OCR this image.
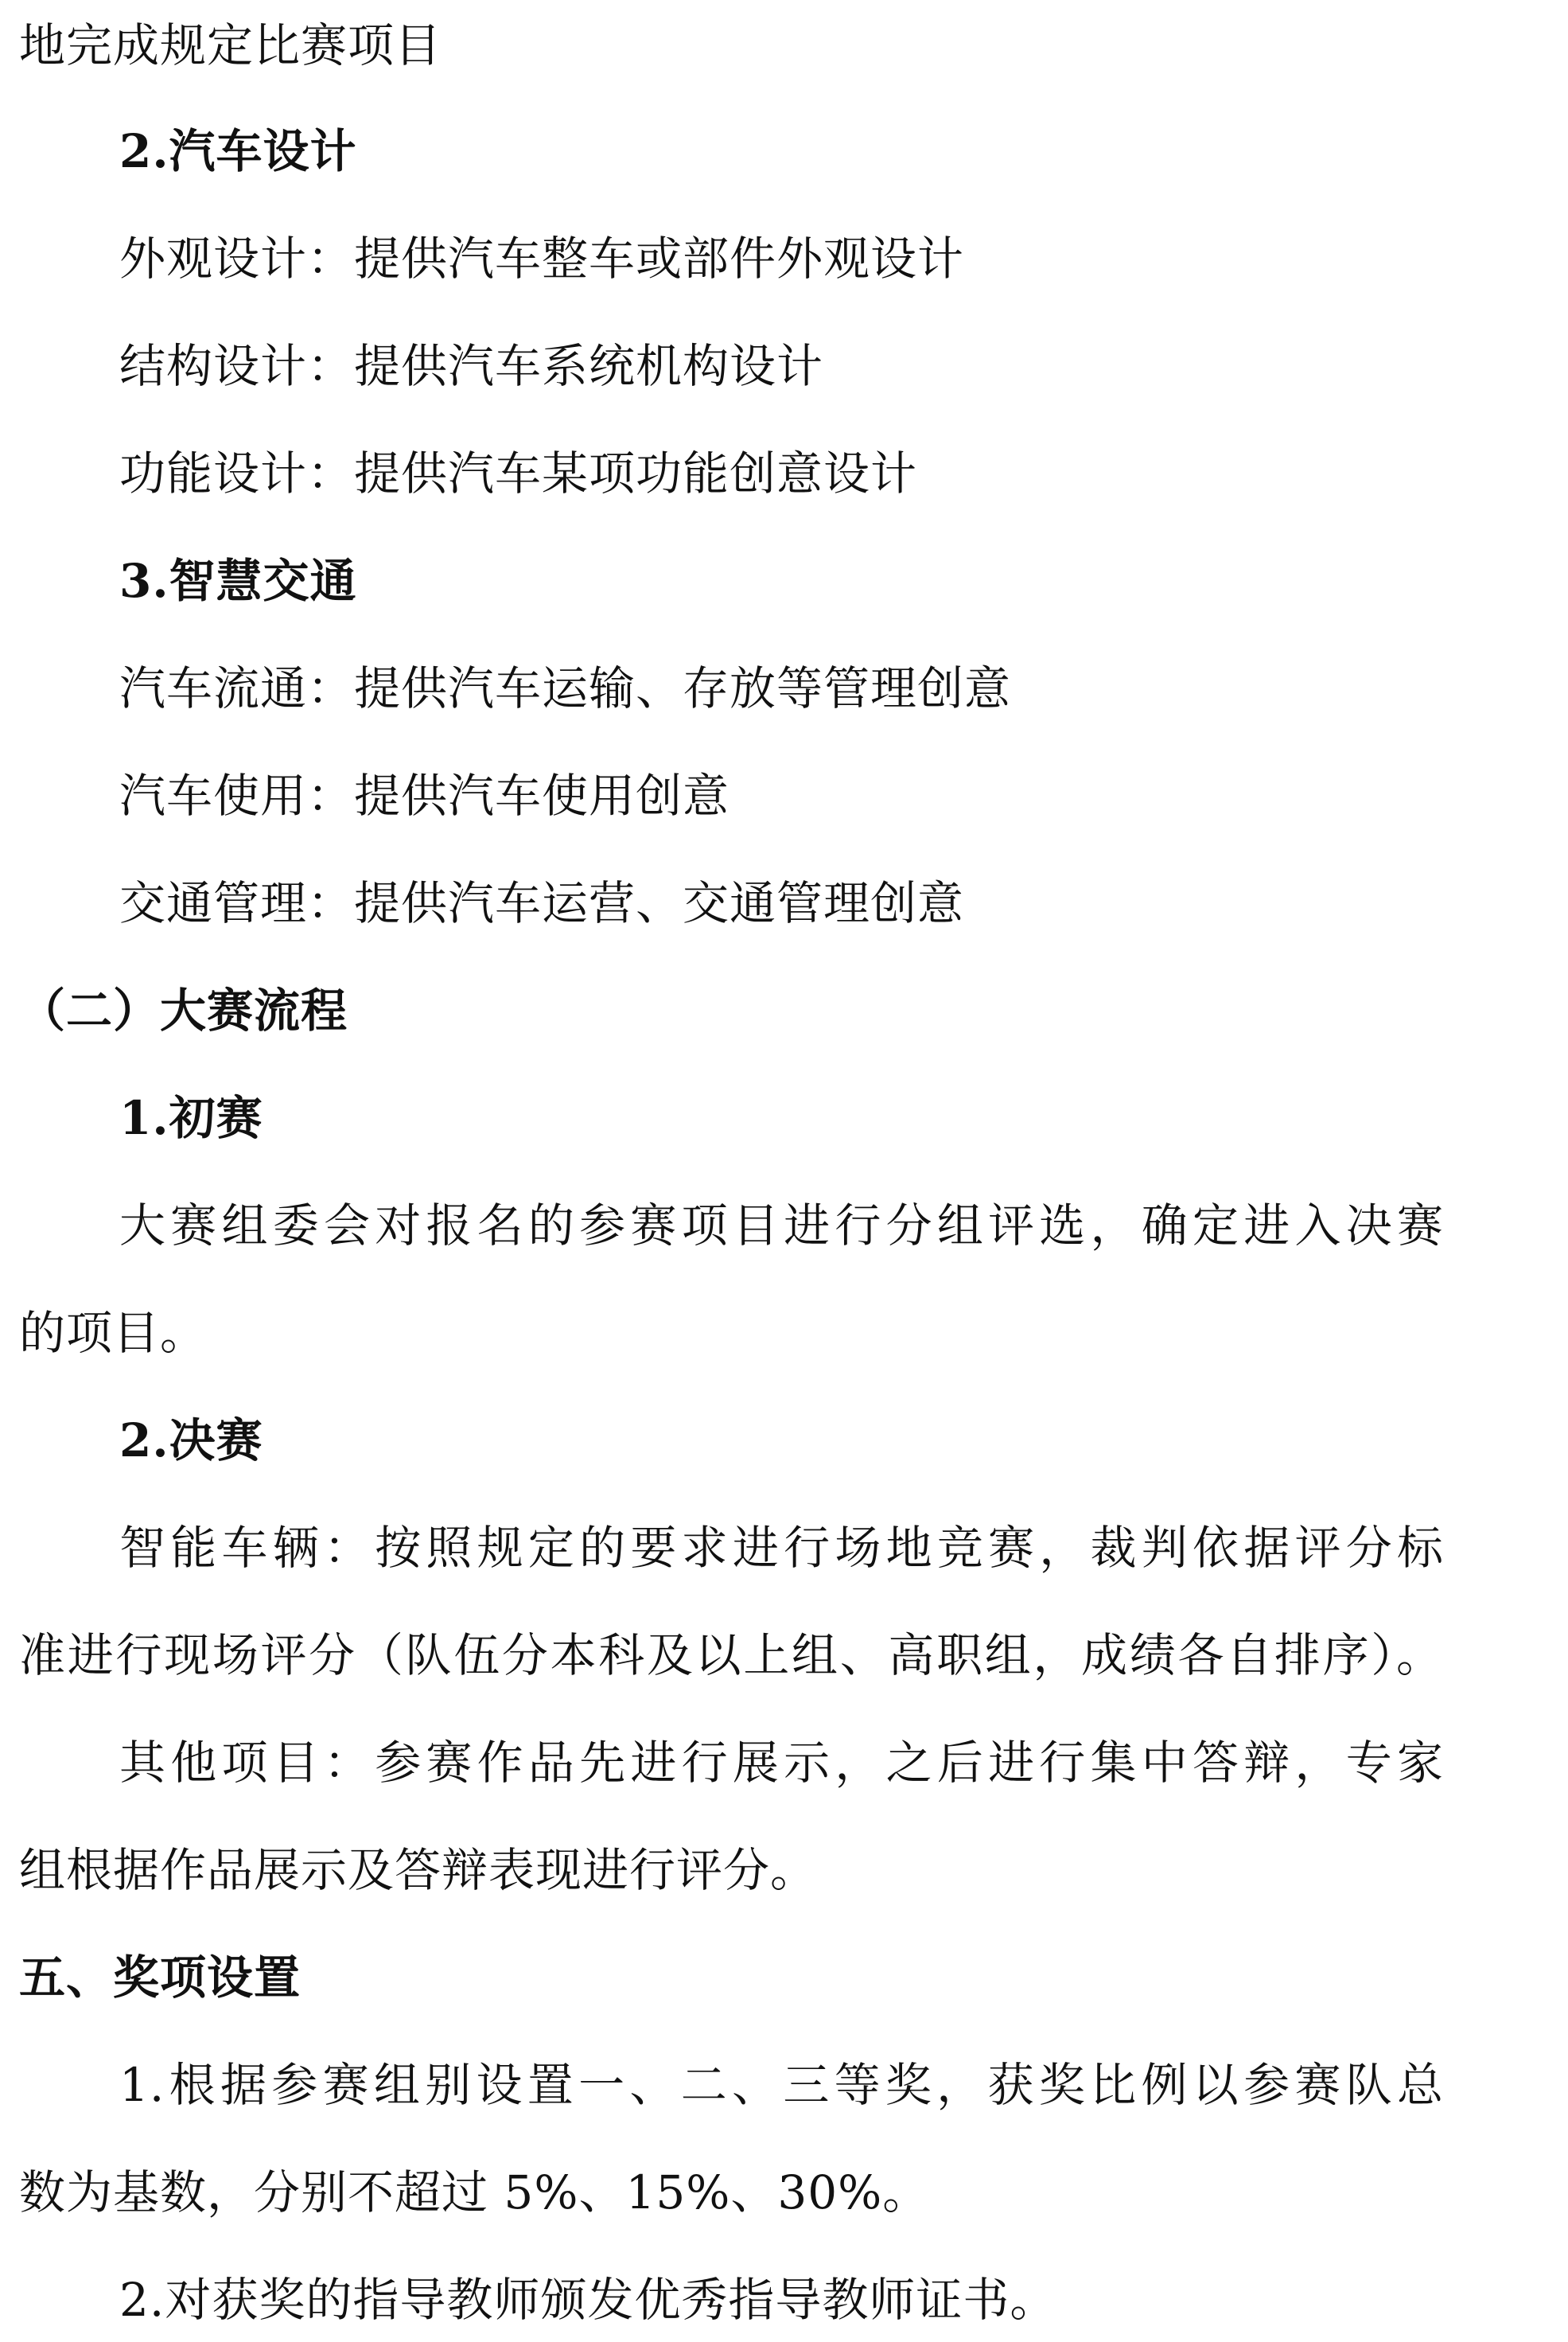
地完成规定比赛项目
2.汽车设计
外观设计：提供汽车整车或部件外观设计
结构设计：提供汽车系统机构设计
功能设计：提供汽车某项功能创意设计
3.智慧交通
汽车流通：提供汽车运输、存放等管理创意
汽车使用：提供汽车使用创意
交通管理：提供汽车运营、交通管理创意
（二）大赛流程
1.初赛
大赛组委会对报名的参赛项目进行分组评选，确定进入决赛
的项目。
2.决赛
智能车辆：按照规定的要求进行场地竞赛，裁判依据评分标
准进行现场评分（队伍分本科及以上组、高职组，成绩各自排序）。
其他项目：参赛作品先进行展示，之后进行集中答辩，专家
组根据作品展示及答辩表现进行评分。
五、奖项设置
1.根据参赛组别设置一、二、三等奖，获奖比例以参赛队总
数为基数，分别不超过 5%、15%、30%。
2.对获奖的指导教师颁发优秀指导教师证书。
